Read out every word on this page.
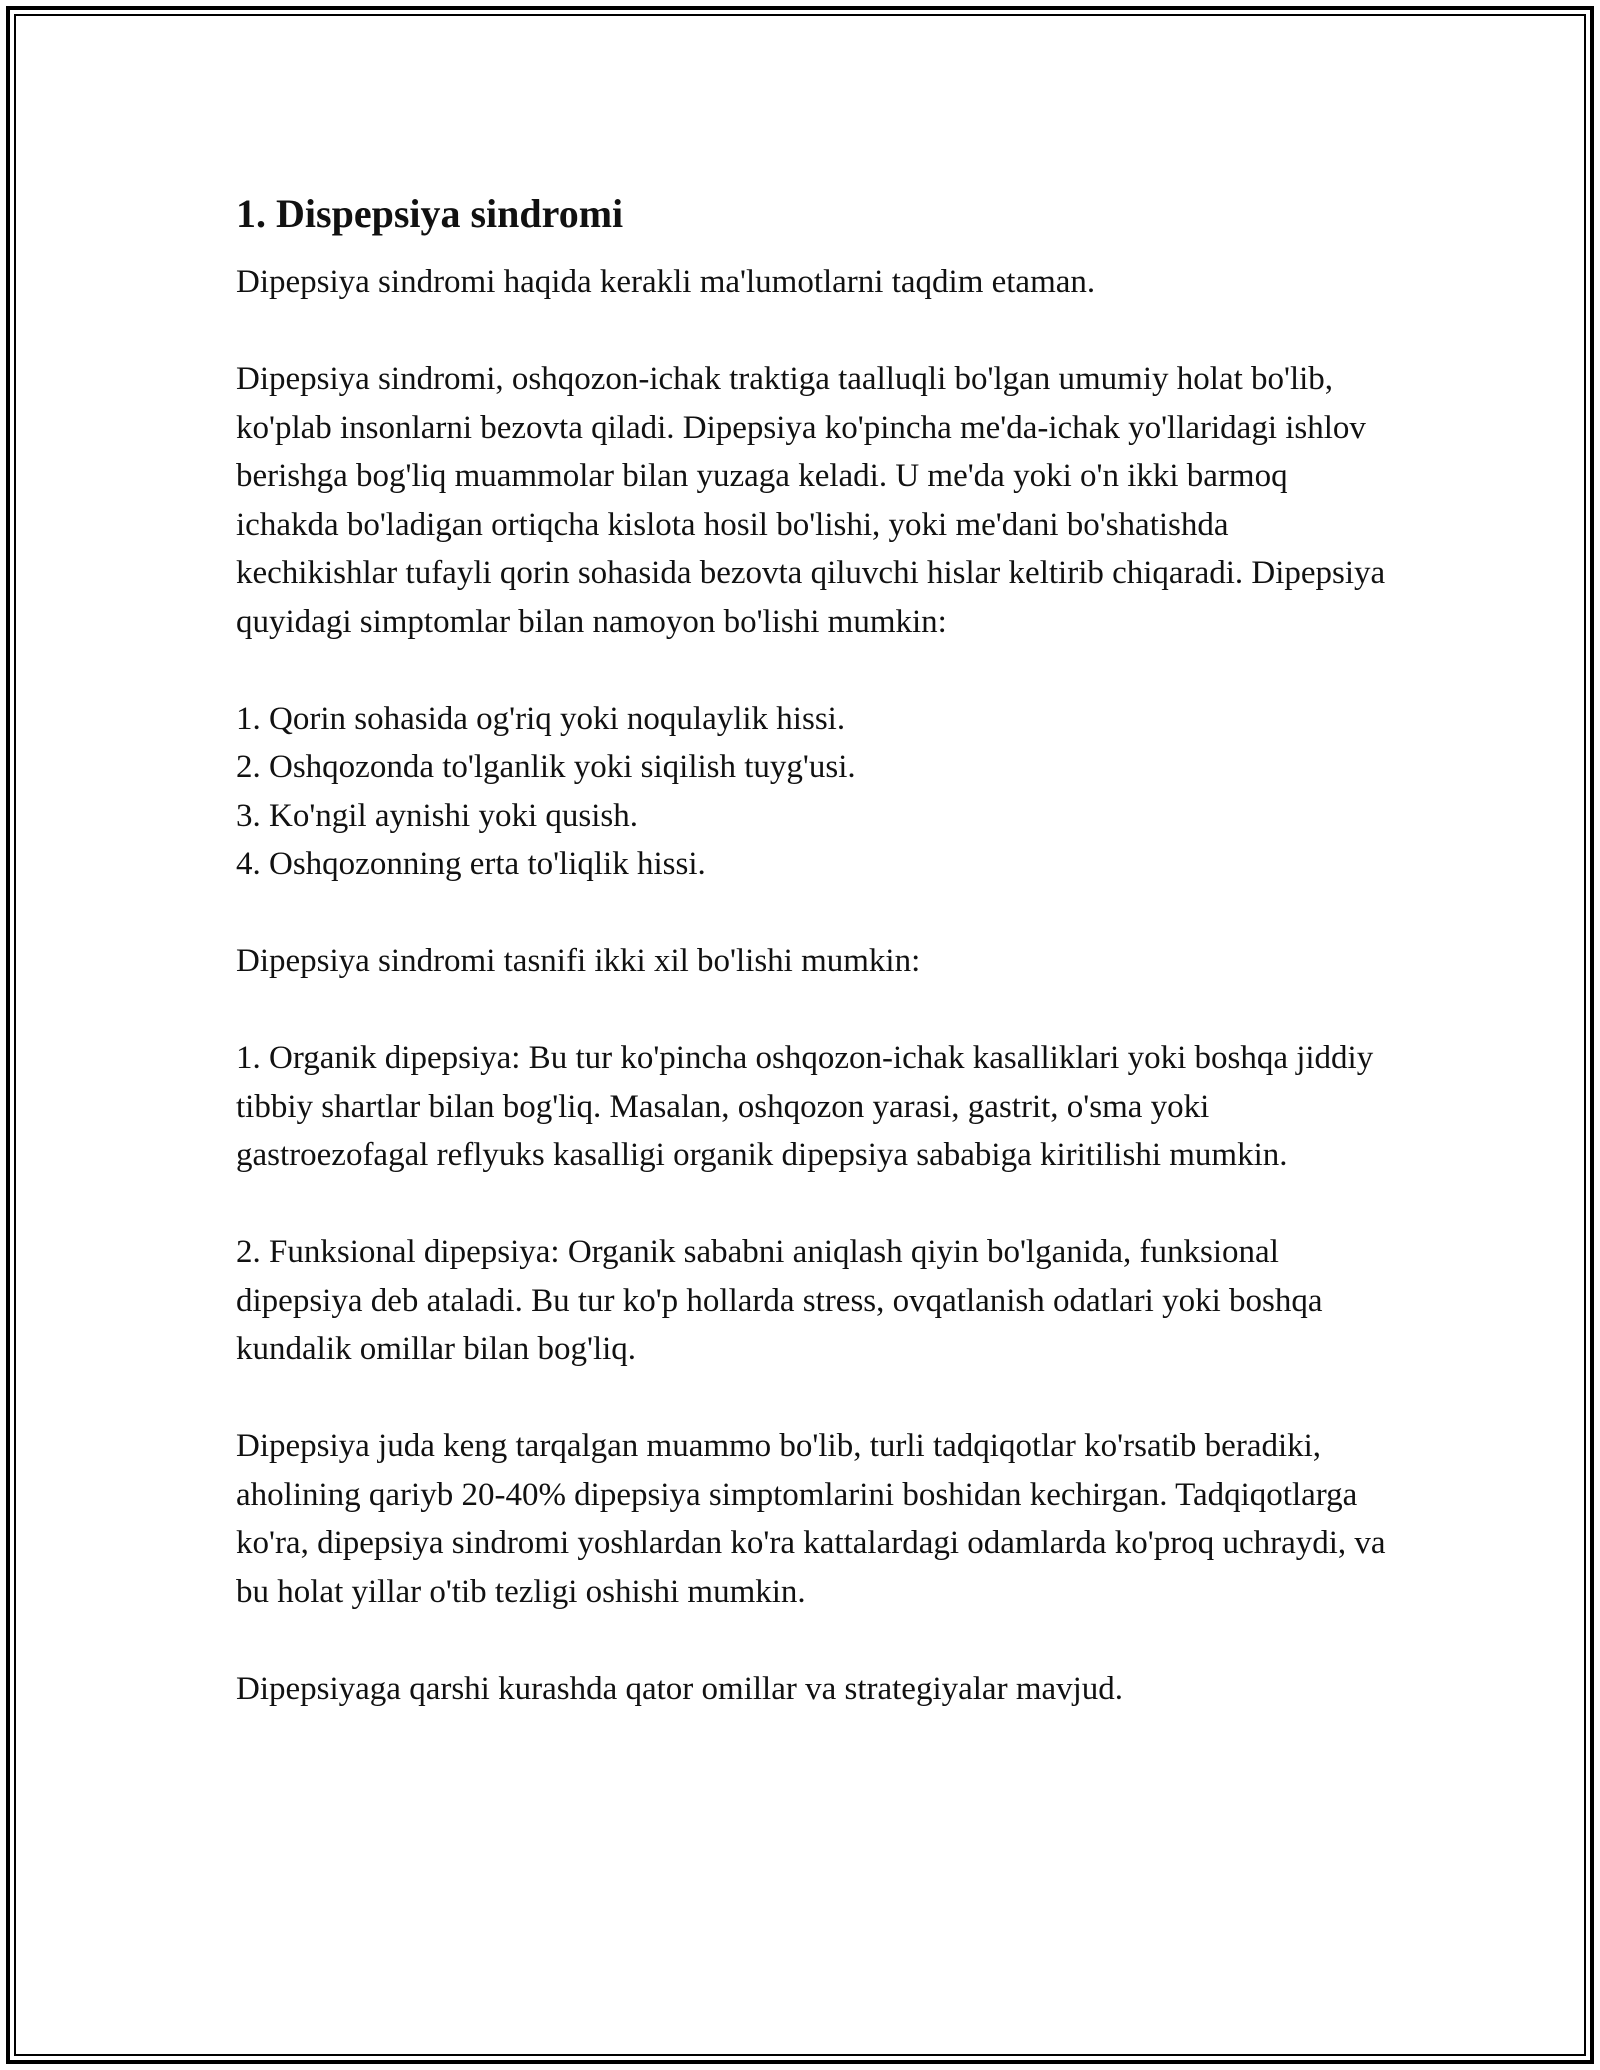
1. Dispepsiya sindromi

Dipepsiya sindromi haqida kerakli ma'lumotlarni taqdim etaman.

Dipepsiya sindromi, oshqozon-ichak traktiga taalluqli bo'lgan umumiy holat bo'lib, ko'plab insonlarni bezovta qiladi. Dipepsiya ko'pincha me'da-ichak yo'llaridagi ishlov berishga bog'liq muammolar bilan yuzaga keladi. U me'da yoki o'n ikki barmoq ichakda bo'ladigan ortiqcha kislota hosil bo'lishi, yoki me'dani bo'shatishda kechikishlar tufayli qorin sohasida bezovta qiluvchi hislar keltirib chiqaradi. Dipepsiya quyidagi simptomlar bilan namoyon bo'lishi mumkin:

1. Qorin sohasida og'riq yoki noqulaylik hissi.
2. Oshqozonda to'lganlik yoki siqilish tuyg'usi.
3. Ko'ngil aynishi yoki qusish.
4. Oshqozonning erta to'liqlik hissi.

Dipepsiya sindromi tasnifi ikki xil bo'lishi mumkin:

1. Organik dipepsiya: Bu tur ko'pincha oshqozon-ichak kasalliklari yoki boshqa jiddiy tibbiy shartlar bilan bog'liq. Masalan, oshqozon yarasi, gastrit, o'sma yoki gastroezofagal reflyuks kasalligi organik dipepsiya sababiga kiritilishi mumkin.

2. Funksional dipepsiya: Organik sababni aniqlash qiyin bo'lganida, funksional dipepsiya deb ataladi. Bu tur ko'p hollarda stress, ovqatlanish odatlari yoki boshqa kundalik omillar bilan bog'liq.

Dipepsiya juda keng tarqalgan muammo bo'lib, turli tadqiqotlar ko'rsatib beradiki, aholining qariyb 20-40% dipepsiya simptomlarini boshidan kechirgan. Tadqiqotlarga ko'ra, dipepsiya sindromi yoshlardan ko'ra kattalardagi odamlarda ko'proq uchraydi, va bu holat yillar o'tib tezligi oshishi mumkin.

Dipepsiyaga qarshi kurashda qator omillar va strategiyalar mavjud.
